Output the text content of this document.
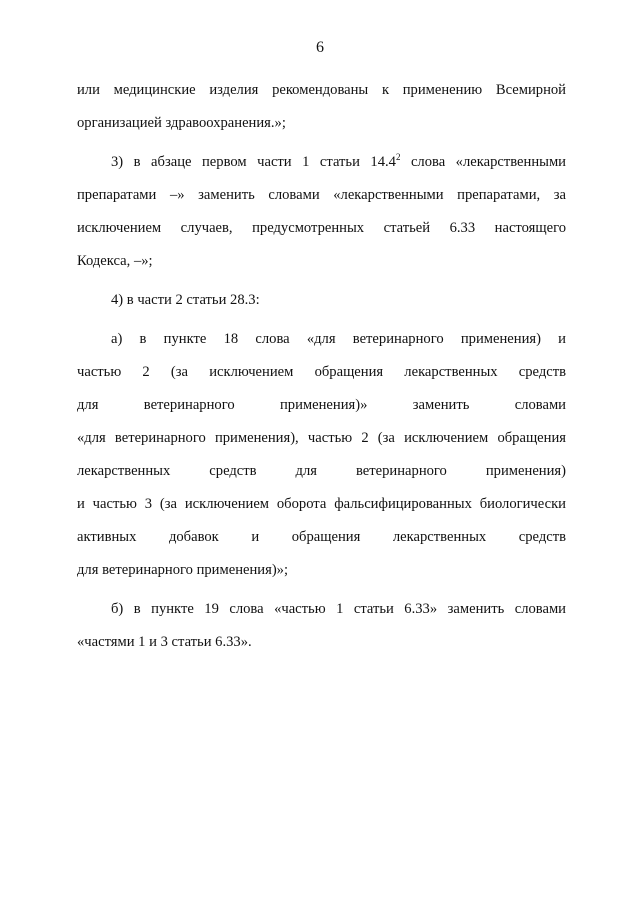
6
или медицинские изделия рекомендованы к применению Всемирной
организацией здравоохранения.»;
3) в абзаце первом части 1 статьи 14.4$^2$ слова «лекарственными
препаратами –» заменить словами «лекарственными препаратами, за
исключением случаев, предусмотренных статьей 6.33 настоящего
Кодекса, –»;
4) в части 2 статьи 28.3:
а) в пункте 18 слова «для ветеринарного применения) и
частью 2 (за исключением обращения лекарственных средств
для ветеринарного применения)» заменить словами
«для ветеринарного применения), частью 2 (за исключением обращения
лекарственных средств для ветеринарного применения)
и частью 3 (за исключением оборота фальсифицированных биологически
активных добавок и обращения лекарственных средств
для ветеринарного применения)»;
б) в пункте 19 слова «частью 1 статьи 6.33» заменить словами
«частями 1 и 3 статьи 6.33».
